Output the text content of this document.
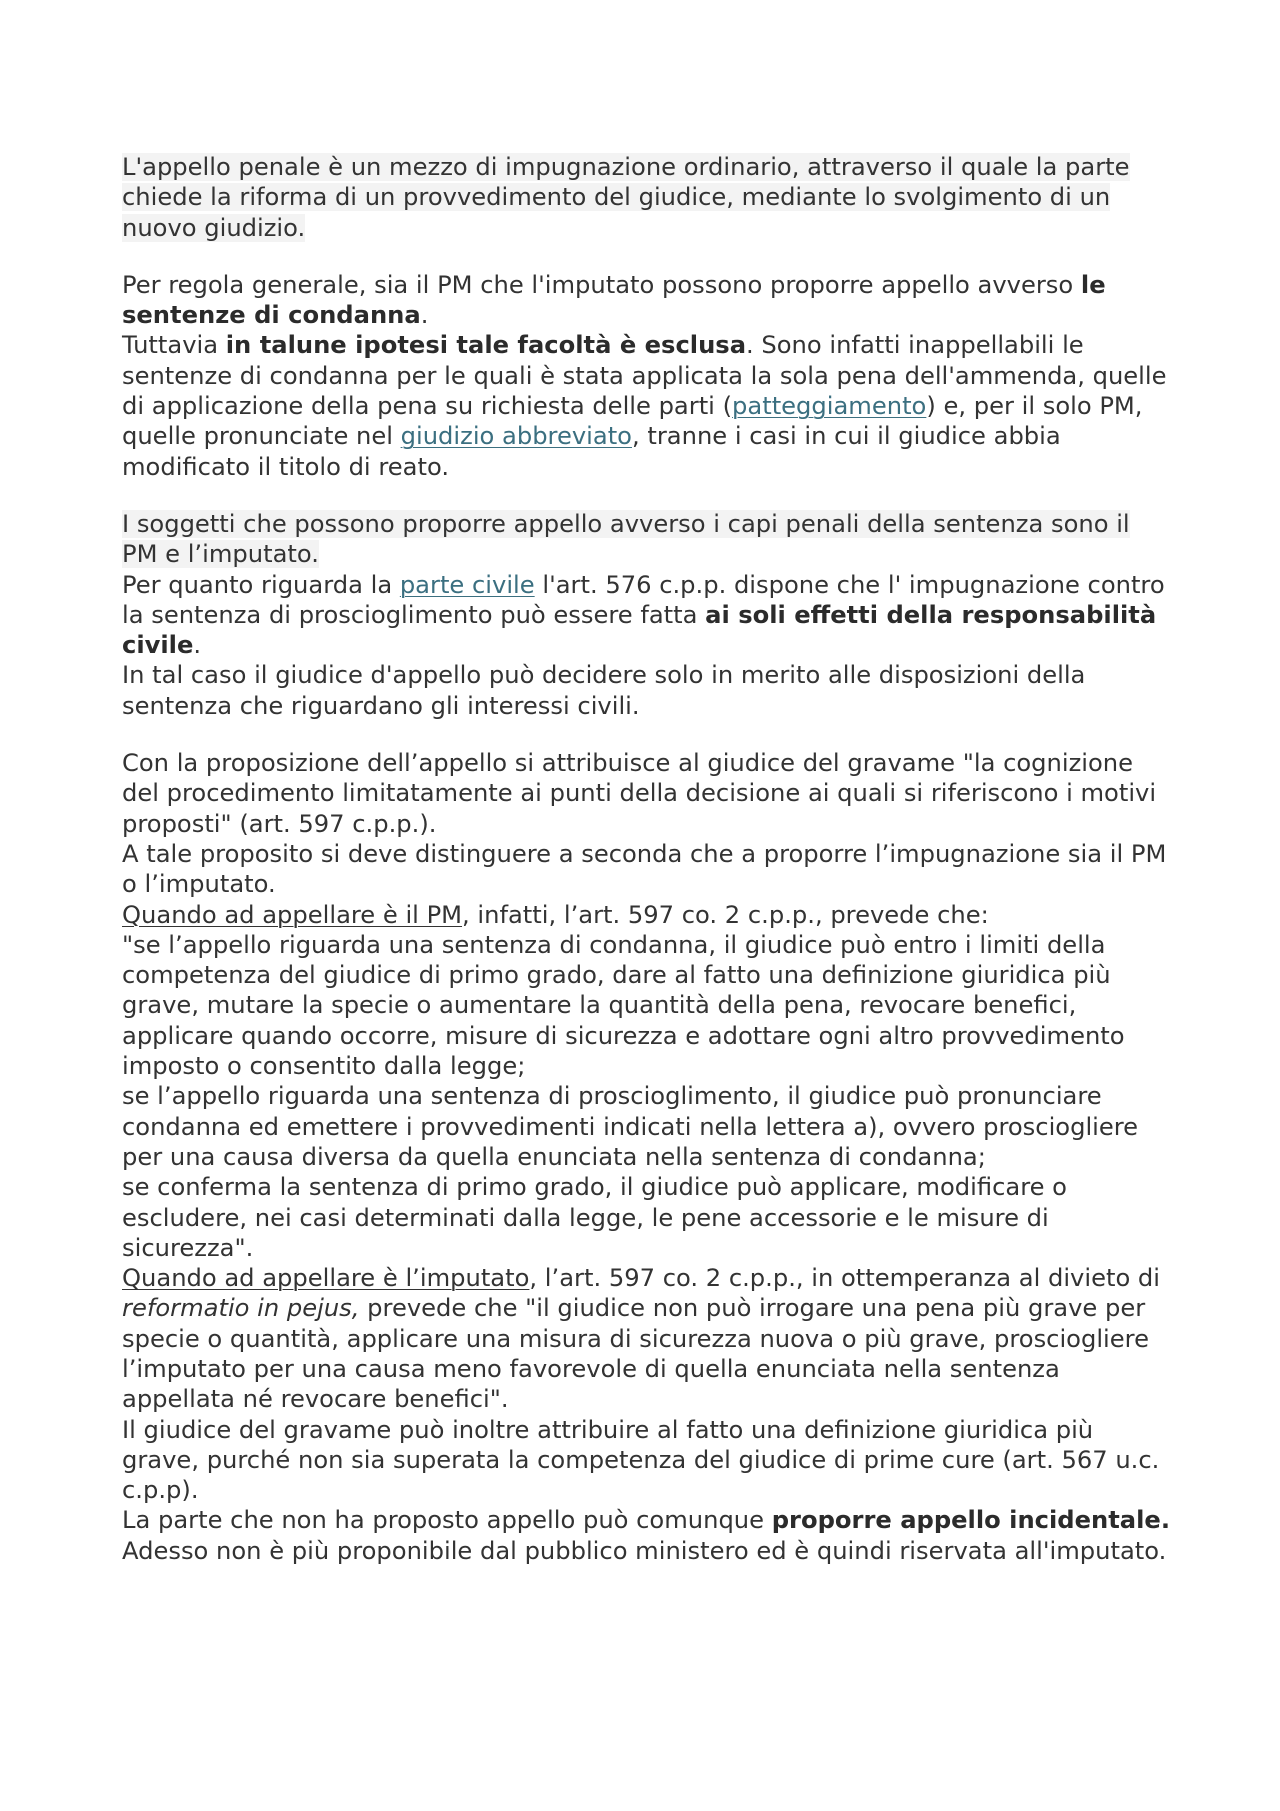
L'appello penale è un mezzo di impugnazione ordinario, attraverso il quale la parte chiede la riforma di un provvedimento del giudice, mediante lo svolgimento di un nuovo giudizio.

Per regola generale, sia il PM che l'imputato possono proporre appello avverso le sentenze di condanna.

Tuttavia in talune ipotesi tale facoltà è esclusa. Sono infatti inappellabili le sentenze di condanna per le quali è stata applicata la sola pena dell'ammenda, quelle di applicazione della pena su richiesta delle parti (patteggiamento) e, per il solo PM, quelle pronunciate nel giudizio abbreviato, tranne i casi in cui il giudice abbia modificato il titolo di reato.

I soggetti che possono proporre appello avverso i capi penali della sentenza sono il PM e l’imputato.

Per quanto riguarda la parte civile l'art. 576 c.p.p. dispone che l' impugnazione contro la sentenza di proscioglimento può essere fatta ai soli effetti della responsabilità civile.

In tal caso il giudice d'appello può decidere solo in merito alle disposizioni della sentenza che riguardano gli interessi civili.

Con la proposizione dell’appello si attribuisce al giudice del gravame "la cognizione del procedimento limitatamente ai punti della decisione ai quali si riferiscono i motivi proposti" (art. 597 c.p.p.).

A tale proposito si deve distinguere a seconda che a proporre l’impugnazione sia il PM o l’imputato.

Quando ad appellare è il PM, infatti, l’art. 597 co. 2 c.p.p., prevede che:

"se l’appello riguarda una sentenza di condanna, il giudice può entro i limiti della competenza del giudice di primo grado, dare al fatto una definizione giuridica più grave, mutare la specie o aumentare la quantità della pena, revocare benefici, applicare quando occorre, misure di sicurezza e adottare ogni altro provvedimento imposto o consentito dalla legge;

se l’appello riguarda una sentenza di proscioglimento, il giudice può pronunciare condanna ed emettere i provvedimenti indicati nella lettera a), ovvero prosciogliere per una causa diversa da quella enunciata nella sentenza di condanna;

se conferma la sentenza di primo grado, il giudice può applicare, modificare o escludere, nei casi determinati dalla legge, le pene accessorie e le misure di sicurezza".

Quando ad appellare è l’imputato, l’art. 597 co. 2 c.p.p., in ottemperanza al divieto di reformatio in pejus, prevede che "il giudice non può irrogare una pena più grave per specie o quantità, applicare una misura di sicurezza nuova o più grave, prosciogliere l’imputato per una causa meno favorevole di quella enunciata nella sentenza appellata né revocare benefici".

Il giudice del gravame può inoltre attribuire al fatto una definizione giuridica più grave, purché non sia superata la competenza del giudice di prime cure (art. 567 u.c. c.p.p).

La parte che non ha proposto appello può comunque proporre appello incidentale.

Adesso non è più proponibile dal pubblico ministero ed è quindi riservata all'imputato.
